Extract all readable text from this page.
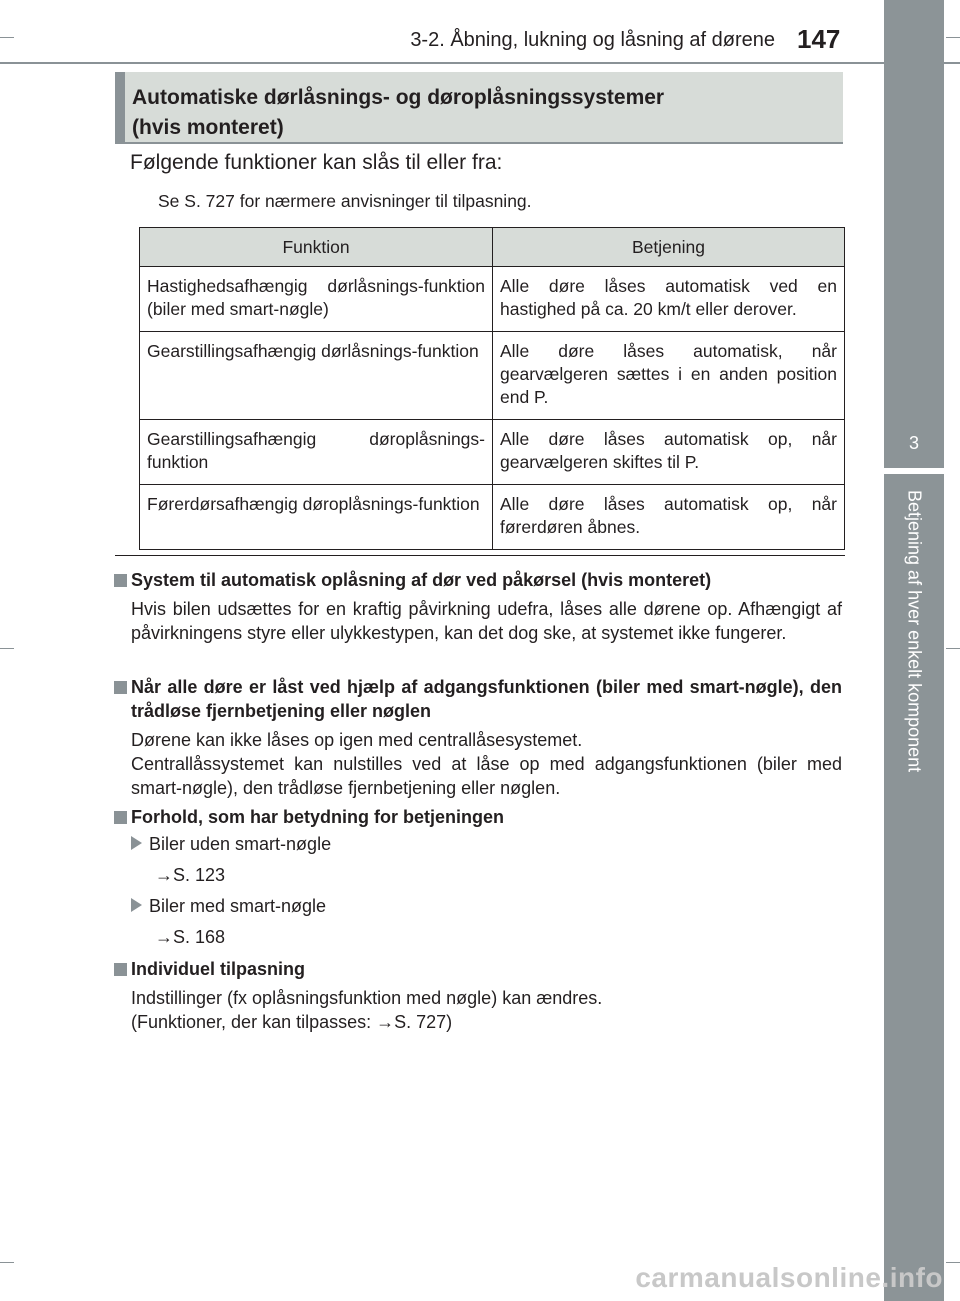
3-2. Åbning, lukning og låsning af dørene 147
3
Betjening af hver enkelt komponent
Automatiske dørlåsnings- og døroplåsningssystemer
(hvis monteret)
Følgende funktioner kan slås til eller fra:
Se S. 727 for nærmere anvisninger til tilpasning.
Funktion	Betjening
Hastighedsafhængig dørlåsnings-funktion (biler med smart-nøgle)	Alle døre låses automatisk ved en hastighed på ca. 20 km/t eller derover.
Gearstillingsafhængig dørlåsnings-funktion	Alle døre låses automatisk, når gearvælgeren sættes i en anden position end P.
Gearstillingsafhængig døroplåsnings-funktion	Alle døre låses automatisk op, når gearvælgeren skiftes til P.
Førerdørsafhængig døroplåsnings-funktion	Alle døre låses automatisk op, når førerdøren åbnes.
System til automatisk oplåsning af dør ved påkørsel (hvis monteret)
Hvis bilen udsættes for en kraftig påvirkning udefra, låses alle dørene op. Afhængigt af påvirkningens styre eller ulykkestypen, kan det dog ske, at systemet ikke fungerer.
Når alle døre er låst ved hjælp af adgangsfunktionen (biler med smart-nøgle), den trådløse fjernbetjening eller nøglen
Dørene kan ikke låses op igen med centrallåsesystemet.
Centrallåssystemet kan nulstilles ved at låse op med adgangsfunktionen (biler med smart-nøgle), den trådløse fjernbetjening eller nøglen.
Forhold, som har betydning for betjeningen
Biler uden smart-nøgle
→S. 123
Biler med smart-nøgle
→S. 168
Individuel tilpasning
Indstillinger (fx oplåsningsfunktion med nøgle) kan ændres.
(Funktioner, der kan tilpasses: →S. 727)
carmanualsonline.info
